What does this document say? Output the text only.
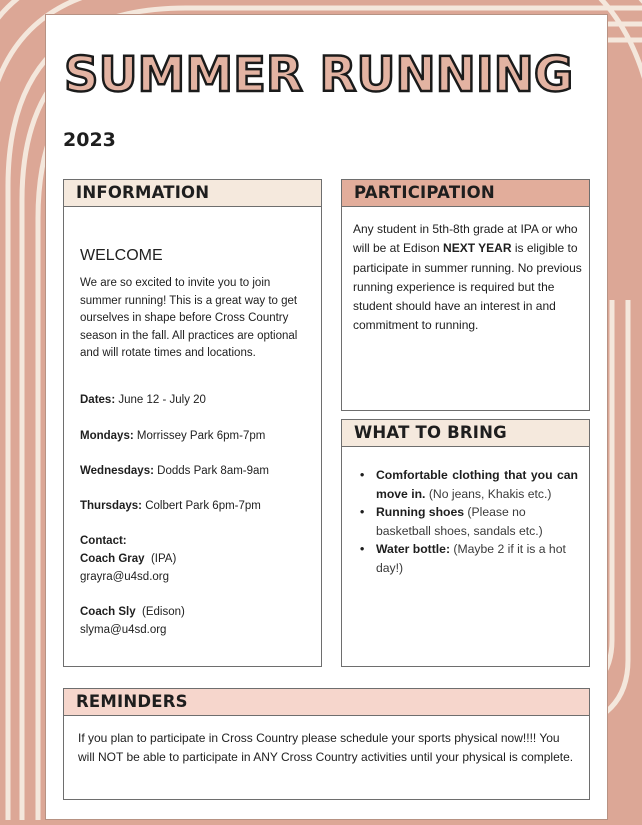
SUMMER RUNNING
2023
WELCOME

We are so excited to invite you to join summer running! This is a great way to get ourselves in shape before Cross Country season in the fall. All practices are optional and will rotate times and locations.

Dates: June 12 - July 20

Mondays: Morrissey Park 6pm-7pm

Wednesdays: Dodds Park 8am-9am

Thursdays: Colbert Park 6pm-7pm

Contact:

Coach Gray (IPA)

grayra@u4sd.org

Coach Sly (Edison)

slyma@u4sd.org

INFORMATION

Any student in 5th-8th grade at IPA or who will be at Edison NEXT YEAR is eligible to participate in summer running. No previous running experience is required but the student should have an interest in and commitment to running.

PARTICIPATION
• Comfortable clothing that you can move in. (No jeans, Khakis etc.)
• Running shoes (Please no basketball shoes, sandals etc.)
• Water bottle: (Maybe 2 if it is a hot day!)
WHAT TO BRING

If you plan to participate in Cross Country please schedule your sports physical now!!!! You will NOT be able to participate in ANY Cross Country activities until your physical is complete.

REMINDERS
